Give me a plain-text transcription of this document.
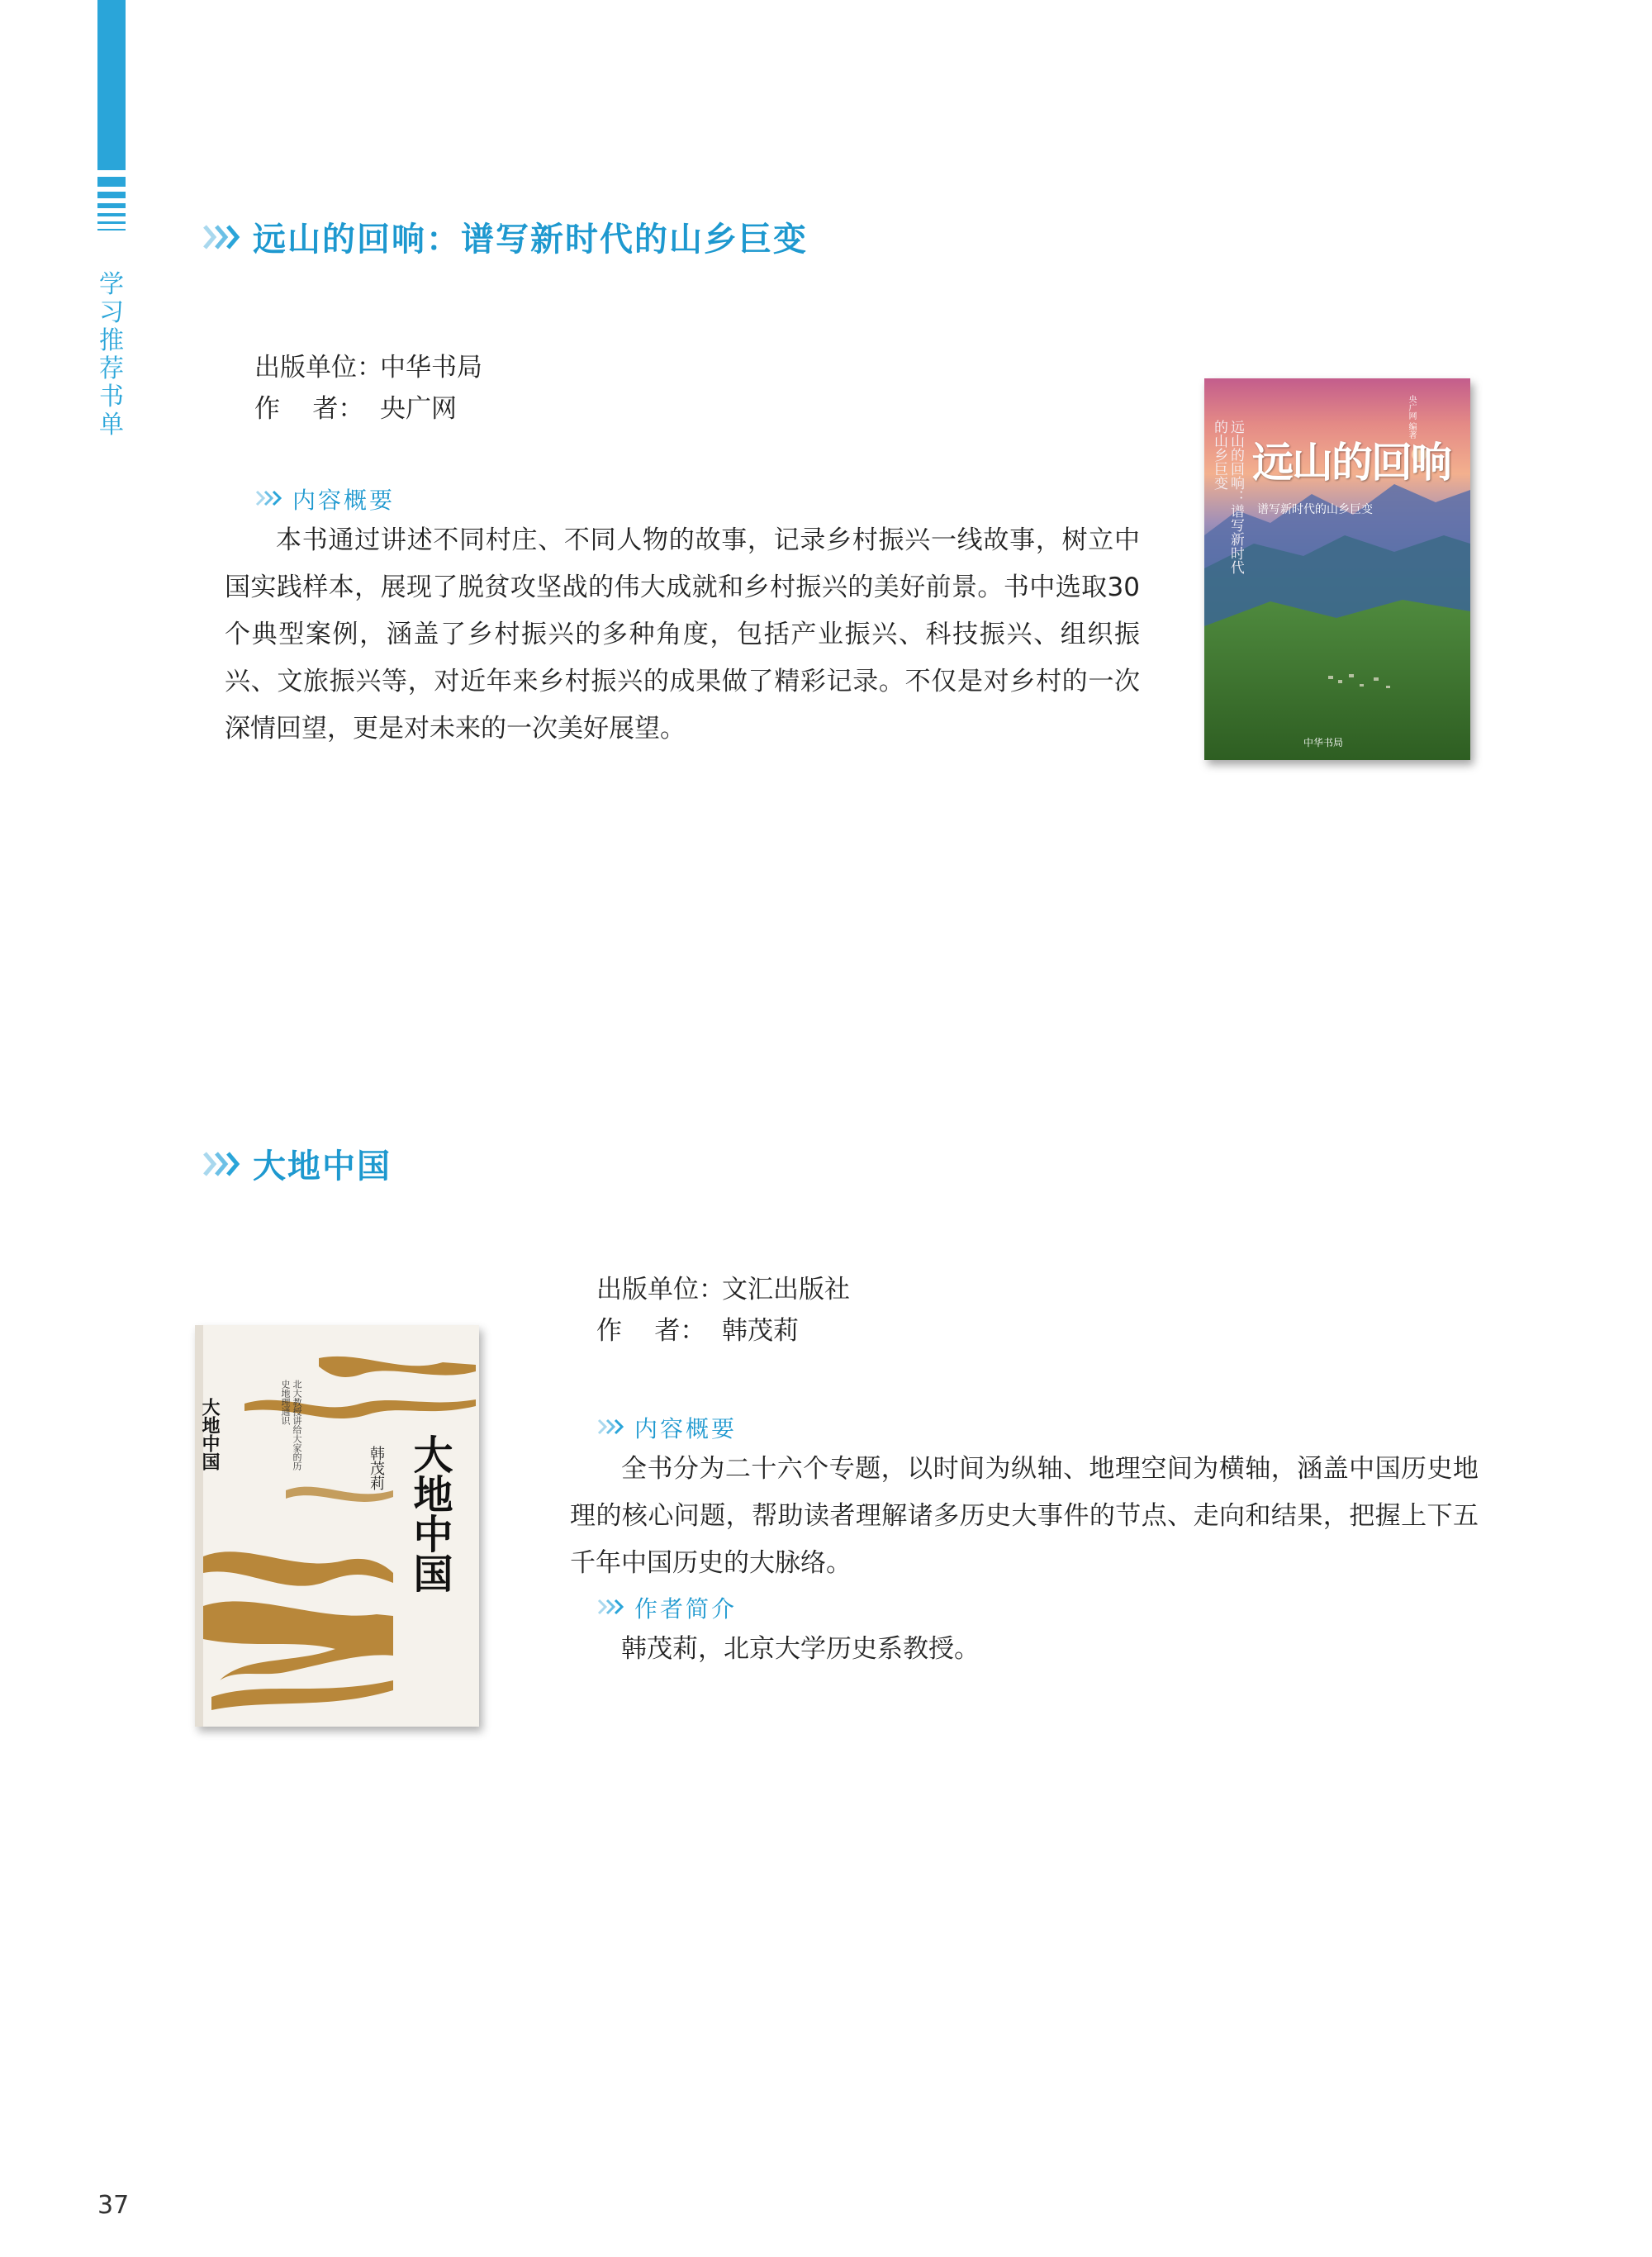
学
习
推
荐
书
单
远山的回响：谱写新时代的山乡巨变
出版单位：
中华书局
作    者： 央广网
内容概要
本书通过讲述不同村庄、不同人物的故事，记录乡村振兴一线故事，树立中国实践样本，展现了脱贫攻坚战的伟大成就和乡村振兴的美好前景。书中选取30个典型案例，涵盖了乡村振兴的多种角度，包括产业振兴、科技振兴、组织振兴、文旅振兴等，对近年来乡村振兴的成果做了精彩记录。不仅是对乡村的一次深情回望，更是对未来的一次美好展望。
远山的回响
谱写新时代的山乡巨变
远山的回响：谱写新时代的山乡巨变
央广网 编著
中华书局
大地中国
出版单位：
文汇出版社
作    者： 韩茂莉
内容概要
全书分为二十六个专题，以时间为纵轴、地理空间为横轴，涵盖中国历史地理的核心问题，帮助读者理解诸多历史大事件的节点、走向和结果，把握上下五千年中国历史的大脉络。
作者简介
韩茂莉，北京大学历史系教授。
大地中国
大地中国	韩茂莉
北大教授讲给大家的历史地理通识
37
